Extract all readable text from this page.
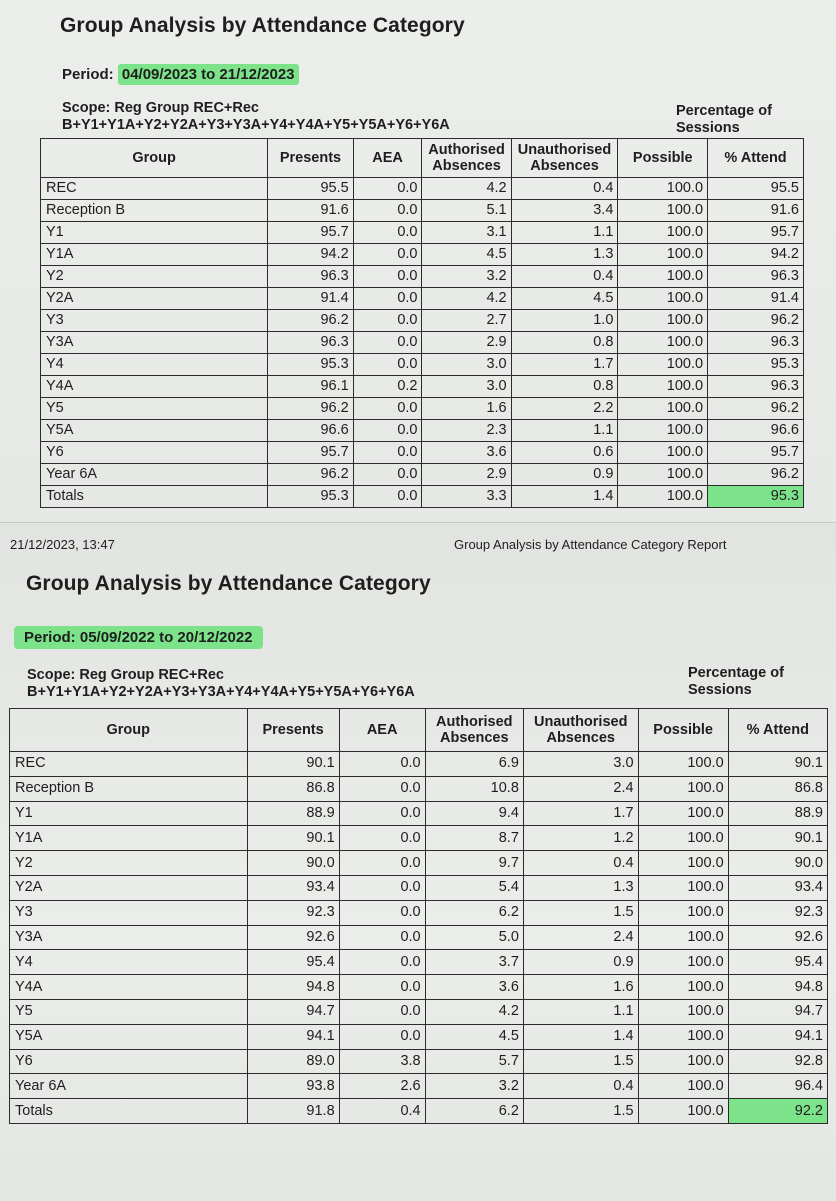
Group Analysis by Attendance Category
Period: 04/09/2023 to 21/12/2023
Scope: Reg Group REC+Rec
B+Y1+Y1A+Y2+Y2A+Y3+Y3A+Y4+Y4A+Y5+Y5A+Y6+Y6A
Percentage of
Sessions
Group	Presents	AEA	Authorised
Absences	Unauthorised
Absences	Possible	% Attend
REC	95.5	0.0	4.2	0.4	100.0	95.5
Reception B	91.6	0.0	5.1	3.4	100.0	91.6
Y1	95.7	0.0	3.1	1.1	100.0	95.7
Y1A	94.2	0.0	4.5	1.3	100.0	94.2
Y2	96.3	0.0	3.2	0.4	100.0	96.3
Y2A	91.4	0.0	4.2	4.5	100.0	91.4
Y3	96.2	0.0	2.7	1.0	100.0	96.2
Y3A	96.3	0.0	2.9	0.8	100.0	96.3
Y4	95.3	0.0	3.0	1.7	100.0	95.3
Y4A	96.1	0.2	3.0	0.8	100.0	96.3
Y5	96.2	0.0	1.6	2.2	100.0	96.2
Y5A	96.6	0.0	2.3	1.1	100.0	96.6
Y6	95.7	0.0	3.6	0.6	100.0	95.7
Year 6A	96.2	0.0	2.9	0.9	100.0	96.2
Totals	95.3	0.0	3.3	1.4	100.0	95.3
21/12/2023, 13:47	Group Analysis by Attendance Category Report
Group Analysis by Attendance Category
Period: 05/09/2022 to 20/12/2022
Scope: Reg Group REC+Rec
B+Y1+Y1A+Y2+Y2A+Y3+Y3A+Y4+Y4A+Y5+Y5A+Y6+Y6A
Percentage of
Sessions
Group	Presents	AEA	Authorised
Absences	Unauthorised
Absences	Possible	% Attend
REC	90.1	0.0	6.9	3.0	100.0	90.1
Reception B	86.8	0.0	10.8	2.4	100.0	86.8
Y1	88.9	0.0	9.4	1.7	100.0	88.9
Y1A	90.1	0.0	8.7	1.2	100.0	90.1
Y2	90.0	0.0	9.7	0.4	100.0	90.0
Y2A	93.4	0.0	5.4	1.3	100.0	93.4
Y3	92.3	0.0	6.2	1.5	100.0	92.3
Y3A	92.6	0.0	5.0	2.4	100.0	92.6
Y4	95.4	0.0	3.7	0.9	100.0	95.4
Y4A	94.8	0.0	3.6	1.6	100.0	94.8
Y5	94.7	0.0	4.2	1.1	100.0	94.7
Y5A	94.1	0.0	4.5	1.4	100.0	94.1
Y6	89.0	3.8	5.7	1.5	100.0	92.8
Year 6A	93.8	2.6	3.2	0.4	100.0	96.4
Totals	91.8	0.4	6.2	1.5	100.0	92.2
